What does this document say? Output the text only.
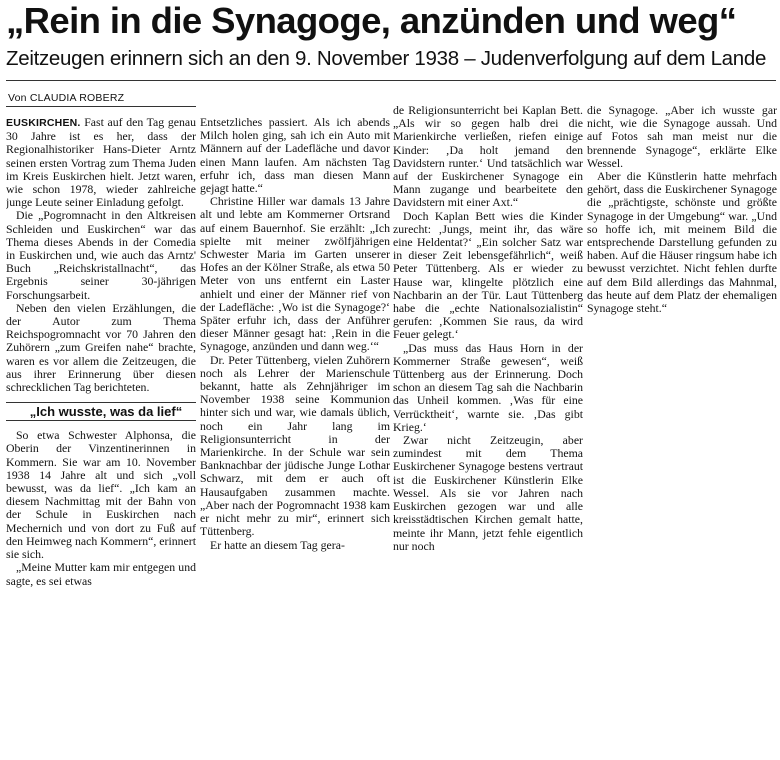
„Rein in die Synagoge, anzünden und weg“
Zeitzeugen erinnern sich an den 9. November 1938 – Judenverfolgung auf dem Lande
Von CLAUDIA ROBERZ

EUSKIRCHEN. Fast auf den Tag genau 30 Jahre ist es her, dass der Regionalhistoriker Hans-Dieter Arntz seinen ersten Vortrag zum Thema Juden im Kreis Euskirchen hielt. Jetzt waren, wie schon 1978, wieder zahlreiche junge Leute seiner Einladung gefolgt.

Die „Pogromnacht in den Altkreisen Schleiden und Euskirchen“ war das Thema dieses Abends in der Comedia in Euskirchen und, wie auch das Arntz' Buch „Reichskristallnacht“, das Ergebnis seiner 30-jährigen Forschungsarbeit.

Neben den vielen Erzählungen, die der Autor zum Thema Reichspogromnacht vor 70 Jahren den Zuhörern „zum Greifen nahe“ brachte, waren es vor allem die Zeitzeugen, die aus ihrer Erinnerung über diesen schrecklichen Tag berichteten.

„Ich wusste, was da lief“

So etwa Schwester Alphonsa, die Oberin der Vinzentinerinnen in Kommern. Sie war am 10. November 1938 14 Jahre alt und sich „voll bewusst, was da lief“. „Ich kam an diesem Nachmittag mit der Bahn von der Schule in Euskirchen nach Mechernich und von dort zu Fuß auf den Heimweg nach Kommern“, erinnert sie sich.

„Meine Mutter kam mir entgegen und sagte, es sei etwas

Entsetzliches passiert. Als ich abends Milch holen ging, sah ich ein Auto mit Männern auf der Ladefläche und davor einen Mann laufen. Am nächsten Tag erfuhr ich, dass man diesen Mann gejagt hatte.“

Christine Hiller war damals 13 Jahre alt und lebte am Kommerner Ortsrand auf einem Bauernhof. Sie erzählt: „Ich spielte mit meiner zwölfjährigen Schwester Maria im Garten unserer Hofes an der Kölner Straße, als etwa 50 Meter von uns entfernt ein Laster anhielt und einer der Männer rief von der Ladefläche: ‚Wo ist die Synagoge?‘ Später erfuhr ich, dass der Anführer dieser Männer gesagt hat: ‚Rein in die Synagoge, anzünden und dann weg.‘“

Dr. Peter Tüttenberg, vielen Zuhörern noch als Lehrer der Marienschule bekannt, hatte als Zehnjähriger im November 1938 seine Kommunion hinter sich und war, wie damals üblich, noch ein Jahr lang im Religionsunterricht in der Marienkirche. In der Schule war sein Banknachbar der jüdische Junge Lothar Schwarz, mit dem er auch oft Hausaufgaben zusammen machte. „Aber nach der Pogromnacht 1938 kam er nicht mehr zu mir“, erinnert sich Tüttenberg.

Er hatte an diesem Tag gera-

de Religionsunterricht bei Kaplan Bett. „Als wir so gegen halb drei die Marienkirche verließen, riefen einige Kinder: ‚Da holt jemand den Davidstern runter.‘ Und tatsächlich war auf der Euskirchener Synagoge ein Mann zugange und bearbeitete den Davidstern mit einer Axt.“

Doch Kaplan Bett wies die Kinder zurecht: ‚Jungs, meint ihr, das wäre eine Heldentat?‘ „Ein solcher Satz war in dieser Zeit lebensgefährlich“, weiß Peter Tüttenberg. Als er wieder zu Hause war, klingelte plötzlich eine Nachbarin an der Tür. Laut Tüttenberg habe die „echte Nationalsozialistin“ gerufen: ‚Kommen Sie raus, da wird Feuer gelegt.‘

„Das muss das Haus Horn in der Kommerner Straße gewesen“, weiß Tüttenberg aus der Erinnerung. Doch schon an diesem Tag sah die Nachbarin das Unheil kommen. ‚Was für eine Verrücktheit‘, warnte sie. ‚Das gibt Krieg.‘

Zwar nicht Zeitzeugin, aber zumindest mit dem Thema Euskirchener Synagoge bestens vertraut ist die Euskirchener Künstlerin Elke Wessel. Als sie vor Jahren nach Euskirchen gezogen war und alle kreisstädtischen Kirchen gemalt hatte, meinte ihr Mann, jetzt fehle eigentlich nur noch

die Synagoge. „Aber ich wusste gar nicht, wie die Synagoge aussah. Und auf Fotos sah man meist nur die brennende Synagoge“, erklärte Elke Wessel.

Aber die Künstlerin hatte mehrfach gehört, dass die Euskirchener Synagoge die „prächtigste, schönste und größte Synagoge in der Umgebung“ war. „Und so hoffe ich, mit meinem Bild die entsprechende Darstellung gefunden zu haben. Auf die Häuser ringsum habe ich bewusst verzichtet. Nicht fehlen durfte auf dem Bild allerdings das Mahnmal, das heute auf dem Platz der ehemaligen Synagoge steht.“
